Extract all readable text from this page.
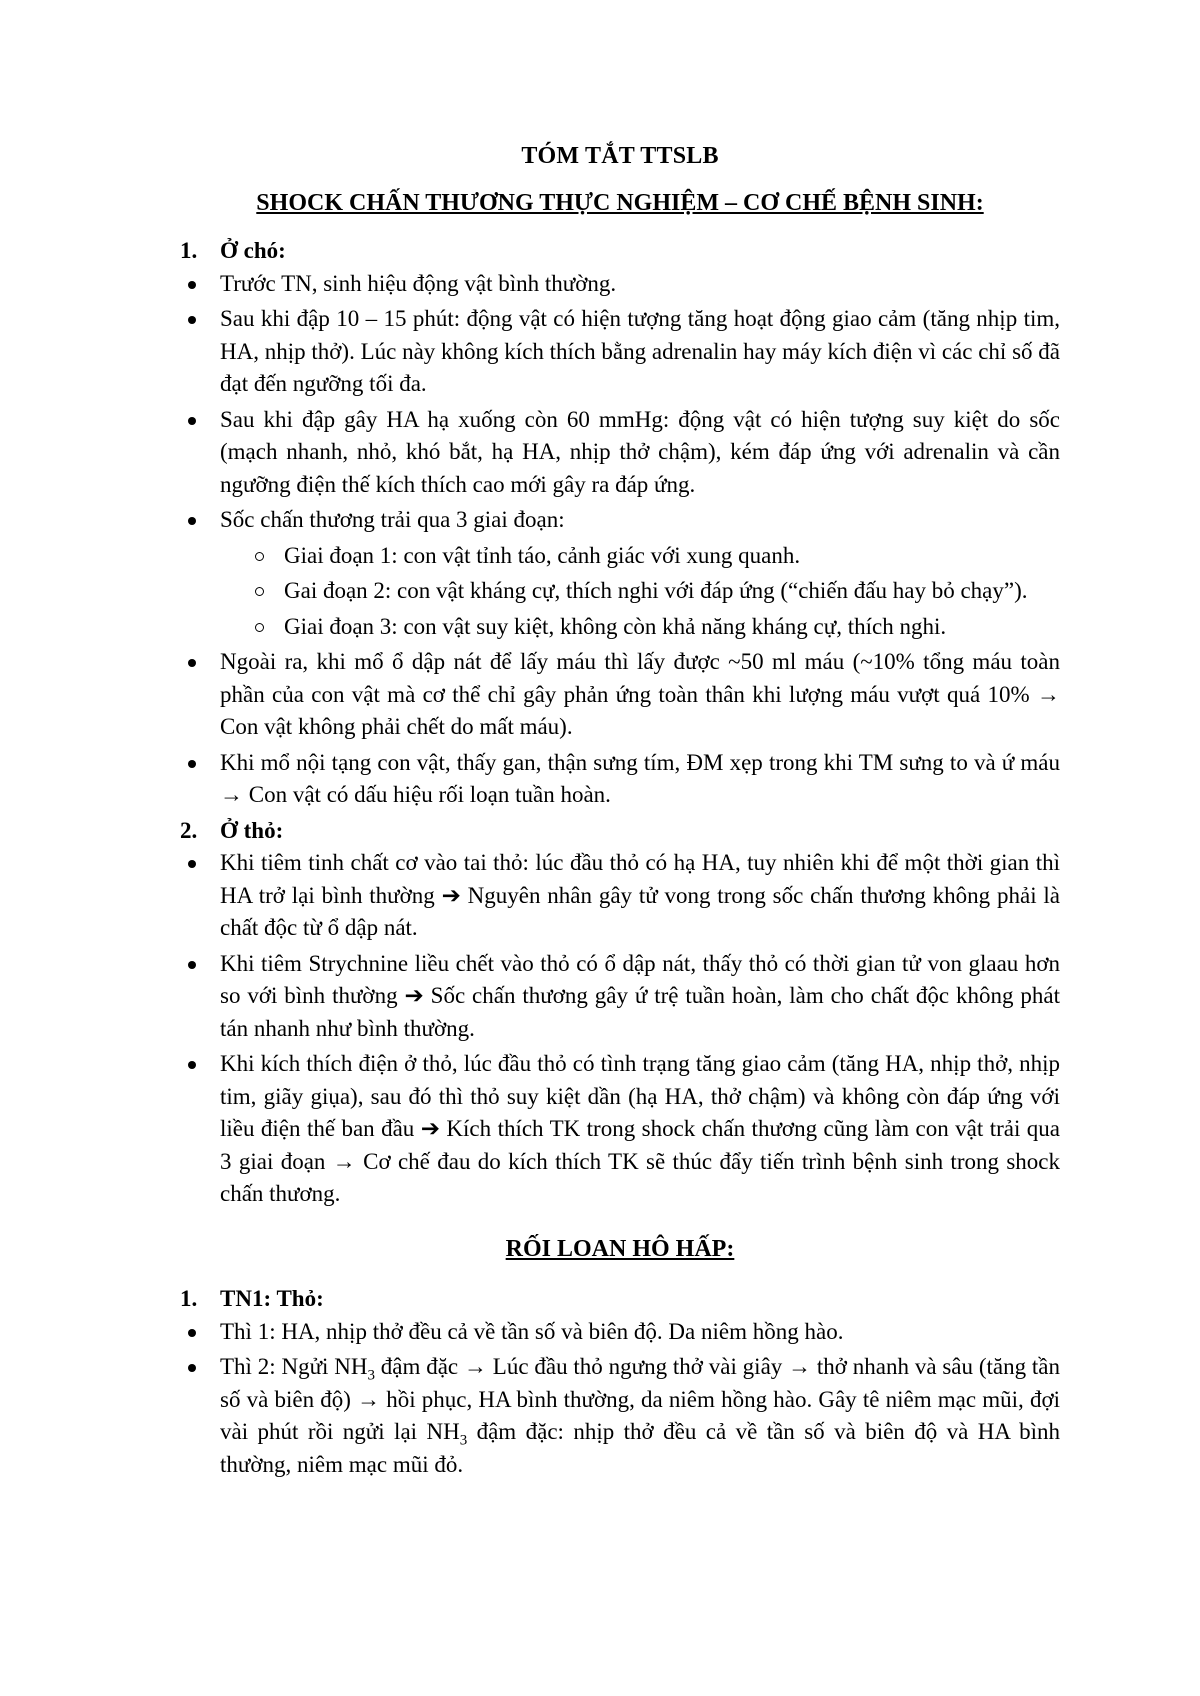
TÓM TẮT TTSLB
SHOCK CHẤN THƯƠNG THỰC NGHIỆM – CƠ CHẾ BỆNH SINH:
1. Ở chó:
Trước TN, sinh hiệu động vật bình thường.
Sau khi đập 10 – 15 phút: động vật có hiện tượng tăng hoạt động giao cảm (tăng nhịp tim, HA, nhịp thở). Lúc này không kích thích bằng adrenalin hay máy kích điện vì các chỉ số đã đạt đến ngưỡng tối đa.
Sau khi đập gây HA hạ xuống còn 60 mmHg: động vật có hiện tượng suy kiệt do sốc (mạch nhanh, nhỏ, khó bắt, hạ HA, nhịp thở chậm), kém đáp ứng với adrenalin và cần ngưỡng điện thế kích thích cao mới gây ra đáp ứng.
Sốc chấn thương trải qua 3 giai đoạn:
Giai đoạn 1: con vật tỉnh táo, cảnh giác với xung quanh.
Gai đoạn 2: con vật kháng cự, thích nghi với đáp ứng (“chiến đấu hay bỏ chạy”).
Giai đoạn 3: con vật suy kiệt, không còn khả năng kháng cự, thích nghi.
Ngoài ra, khi mổ ổ dập nát để lấy máu thì lấy được ~50 ml máu (~10% tổng máu toàn phần của con vật mà cơ thể chỉ gây phản ứng toàn thân khi lượng máu vượt quá 10% → Con vật không phải chết do mất máu).
Khi mổ nội tạng con vật, thấy gan, thận sưng tím, ĐM xẹp trong khi TM sưng to và ứ máu → Con vật có dấu hiệu rối loạn tuần hoàn.
2. Ở thỏ:
Khi tiêm tinh chất cơ vào tai thỏ: lúc đầu thỏ có hạ HA, tuy nhiên khi để một thời gian thì HA trở lại bình thường ➔ Nguyên nhân gây tử vong trong sốc chấn thương không phải là chất độc từ ổ dập nát.
Khi tiêm Strychnine liều chết vào thỏ có ổ dập nát, thấy thỏ có thời gian tử von glaau hơn so với bình thường ➔ Sốc chấn thương gây ứ trệ tuần hoàn, làm cho chất độc không phát tán nhanh như bình thường.
Khi kích thích điện ở thỏ, lúc đầu thỏ có tình trạng tăng giao cảm (tăng HA, nhịp thở, nhịp tim, giãy giụa), sau đó thì thỏ suy kiệt dần (hạ HA, thở chậm) và không còn đáp ứng với liều điện thế ban đầu ➔ Kích thích TK trong shock chấn thương cũng làm con vật trải qua 3 giai đoạn → Cơ chế đau do kích thích TK sẽ thúc đẩy tiến trình bệnh sinh trong shock chấn thương.
RỐI LOAN HÔ HẤP:
1. TN1: Thỏ:
Thì 1: HA, nhịp thở đều cả về tần số và biên độ. Da niêm hồng hào.
Thì 2: Ngửi $NH_3$ đậm đặc → Lúc đầu thỏ ngưng thở vài giây → thở nhanh và sâu (tăng tần số và biên độ) → hồi phục, HA bình thường, da niêm hồng hào. Gây tê niêm mạc mũi, đợi vài phút rồi ngửi lại $NH_3$ đậm đặc: nhịp thở đều cả về tần số và biên độ và HA bình thường, niêm mạc mũi đỏ.
